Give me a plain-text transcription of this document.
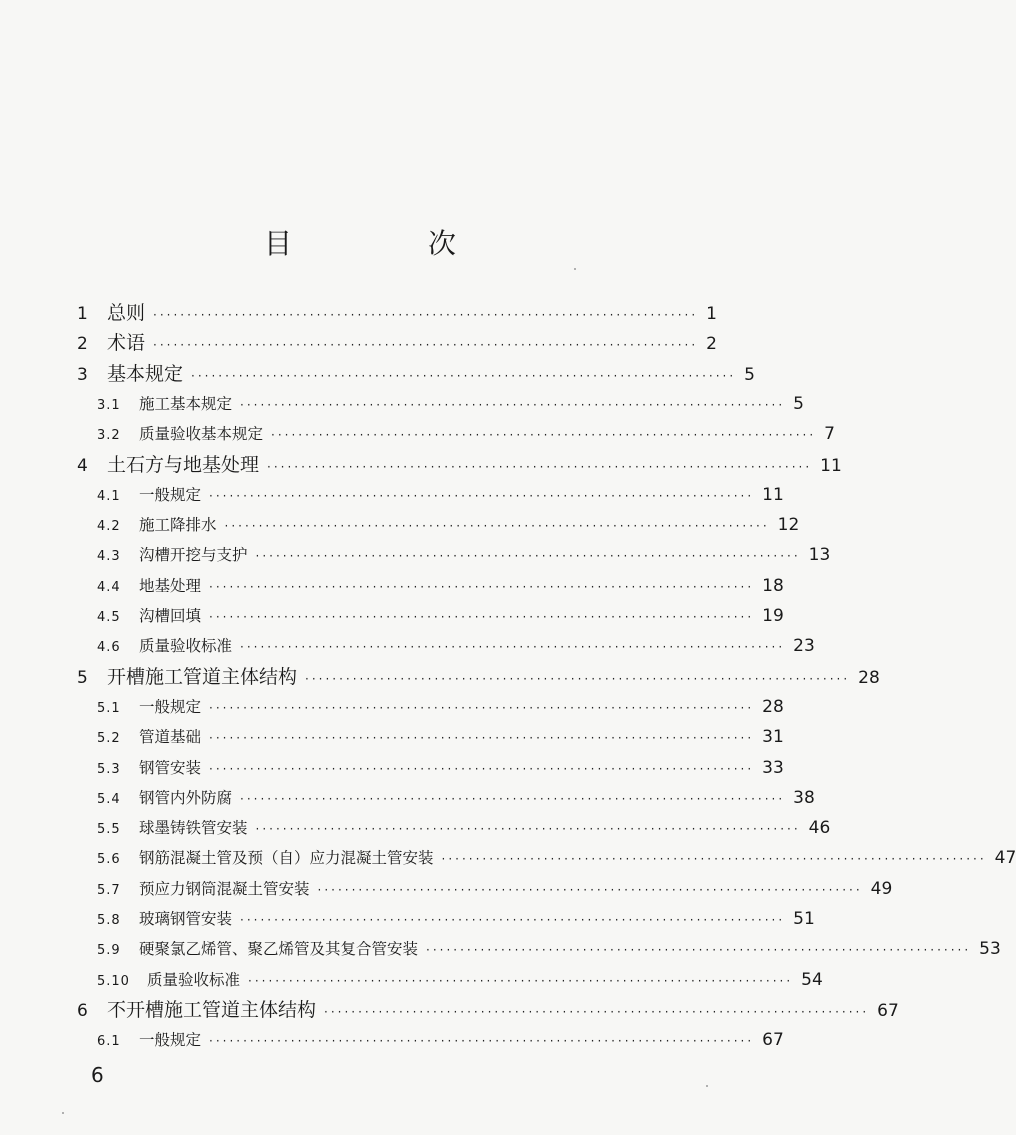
目　次
1	总则 ················································································ 1
2	术语 ················································································ 2
3	基本规定 ················································································ 5
3.1	施工基本规定 ················································································ 5
3.2	质量验收基本规定 ················································································ 7
4	土石方与地基处理 ················································································ 11
4.1	一般规定 ················································································ 11
4.2	施工降排水 ················································································ 12
4.3	沟槽开挖与支护 ················································································ 13
4.4	地基处理 ················································································ 18
4.5	沟槽回填 ················································································ 19
4.6	质量验收标准 ················································································ 23
5	开槽施工管道主体结构 ················································································ 28
5.1	一般规定 ················································································ 28
5.2	管道基础 ················································································ 31
5.3	钢管安装 ················································································ 33
5.4	钢管内外防腐 ················································································ 38
5.5	球墨铸铁管安装 ················································································ 46
5.6	钢筋混凝土管及预（自）应力混凝土管安装 ················································································ 47
5.7	预应力钢筒混凝土管安装 ················································································ 49
5.8	玻璃钢管安装 ················································································ 51
5.9	硬聚氯乙烯管、聚乙烯管及其复合管安装 ················································································ 53
5.10	质量验收标准 ················································································ 54
6	不开槽施工管道主体结构 ················································································ 67
6.1	一般规定 ················································································ 67
6
